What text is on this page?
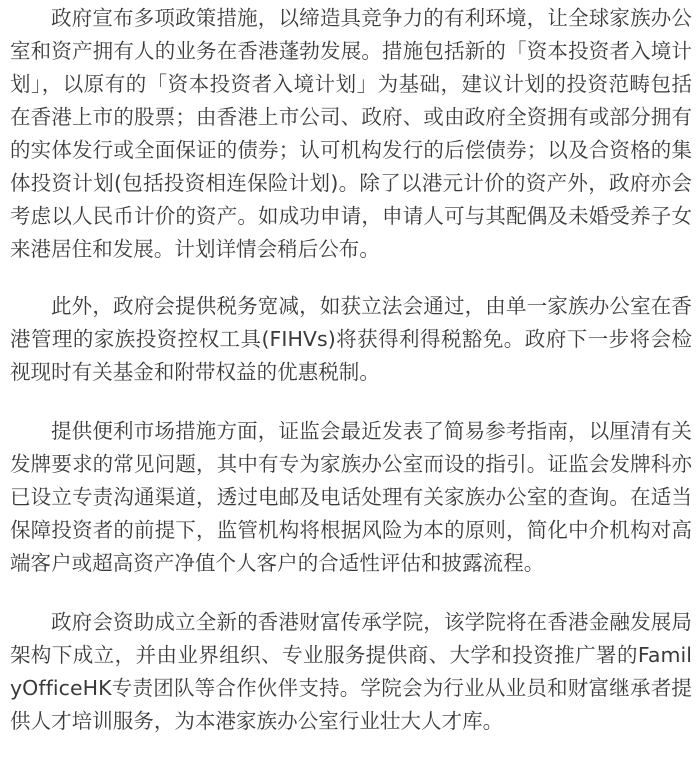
政府宣布多项政策措施，以缔造具竞争力的有利环境，让全球家族办公室和资产拥有人的业务在香港蓬勃发展。措施包括新的「资本投资者入境计划」，以原有的「资本投资者入境计划」为基础，建议计划的投资范畴包括在香港上市的股票；由香港上市公司、政府、或由政府全资拥有或部分拥有的实体发行或全面保证的债券；认可机构发行的后偿债券；以及合资格的集体投资计划(包括投资相连保险计划)。除了以港元计价的资产外，政府亦会考虑以人民币计价的资产。如成功申请，申请人可与其配偶及未婚受养子女来港居住和发展。计划详情会稍后公布。

此外，政府会提供税务宽减，如获立法会通过，由单一家族办公室在香港管理的家族投资控权工具(FIHVs)将获得利得税豁免。政府下一步将会检视现时有关基金和附带权益的优惠税制。

提供便利市场措施方面，证监会最近发表了简易参考指南，以厘清有关发牌要求的常见问题，其中有专为家族办公室而设的指引。证监会发牌科亦已设立专责沟通渠道，透过电邮及电话处理有关家族办公室的查询。在适当保障投资者的前提下，监管机构将根据风险为本的原则，简化中介机构对高端客户或超高资产净值个人客户的合适性评估和披露流程。

政府会资助成立全新的香港财富传承学院，该学院将在香港金融发展局架构下成立，并由业界组织、专业服务提供商、大学和投资推广署的FamilyOfficeHK专责团队等合作伙伴支持。学院会为行业从业员和财富继承者提供人才培训服务，为本港家族办公室行业壮大人才库。
